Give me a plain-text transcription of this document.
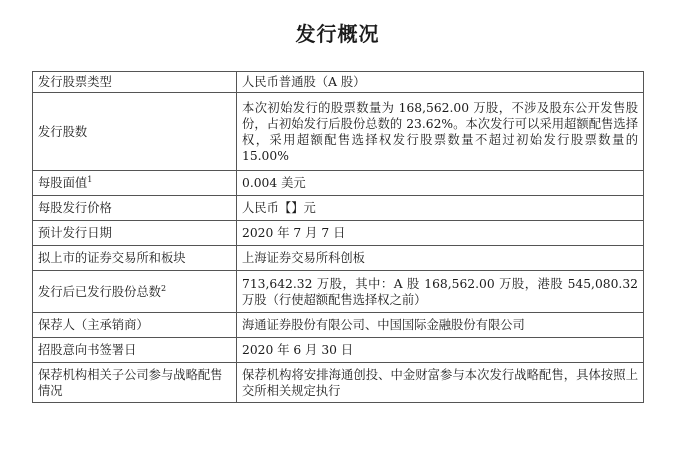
发行概况
发行股票类型	人民币普通股（A 股）
发行股数	本次初始发行的股票数量为 168,562.00 万股，不涉及股东公开发售股份，占初始发行后股份总数的 23.62%。本次发行可以采用超额配售选择权，采用超额配售选择权发行股票数量不超过初始发行股票数量的 15.00%
每股面值$^1$	0.004 美元
每股发行价格	人民币【】元
预计发行日期	2020 年 7 月 7 日
拟上市的证券交易所和板块	上海证券交易所科创板
发行后已发行股份总数$^2$	713,642.32 万股，其中：A 股 168,562.00 万股，港股 545,080.32 万股（行使超额配售选择权之前）
保荐人（主承销商）	海通证券股份有限公司、中国国际金融股份有限公司
招股意向书签署日	2020 年 6 月 30 日
保荐机构相关子公司参与战略配售情况	保荐机构将安排海通创投、中金财富参与本次发行战略配售，具体按照上交所相关规定执行
